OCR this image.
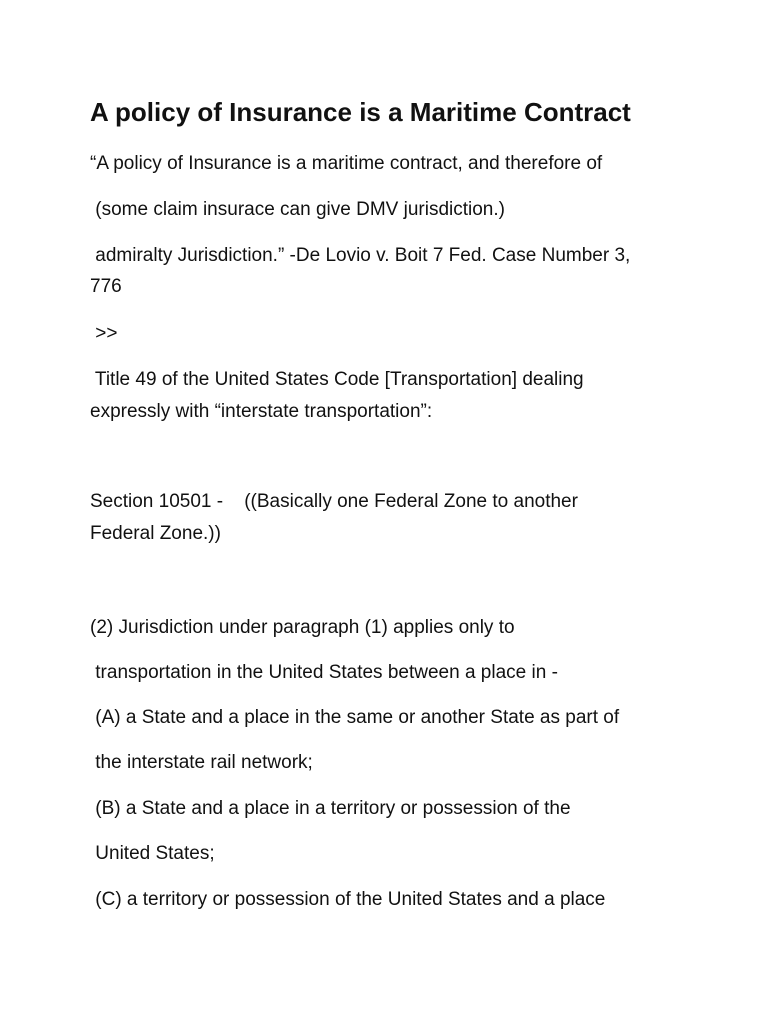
A policy of Insurance is a Maritime Contract

“A policy of Insurance is a maritime contract, and therefore of

(some claim insurace can give DMV jurisdiction.)

admiralty Jurisdiction.” -De Lovio v. Boit 7 Fed. Case Number 3,

776

>>

Title 49 of the United States Code [Transportation] dealing

expressly with “interstate transportation”:

Section 10501 -    ((Basically one Federal Zone to another

Federal Zone.))

(2) Jurisdiction under paragraph (1) applies only to

transportation in the United States between a place in -

(A) a State and a place in the same or another State as part of

the interstate rail network;

(B) a State and a place in a territory or possession of the

United States;

(C) a territory or possession of the United States and a place
